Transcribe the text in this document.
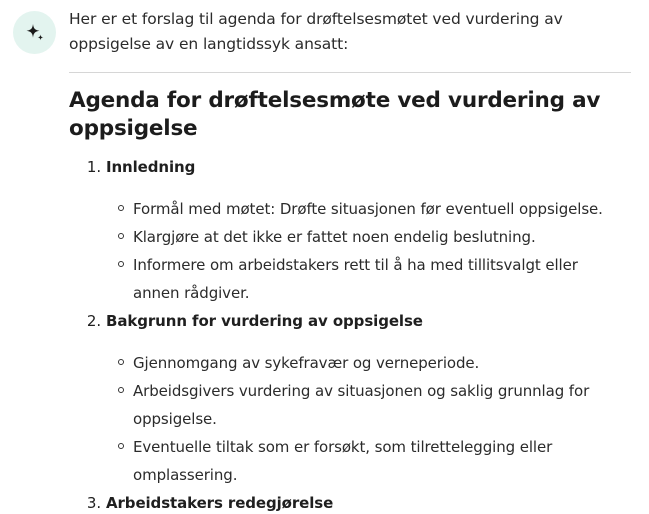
Her er et forslag til agenda for drøftelsesmøtet ved vurdering av oppsigelse av en langtidssyk ansatt:

Agenda for drøftelsesmøte ved vurdering av oppsigelse
1. Innledning
Formål med møtet: Drøfte situasjonen før eventuell oppsigelse.
Klargjøre at det ikke er fattet noen endelig beslutning.
Informere om arbeidstakers rett til å ha med tillitsvalgt eller annen rådgiver.
2. Bakgrunn for vurdering av oppsigelse
Gjennomgang av sykefravær og verneperiode.
Arbeidsgivers vurdering av situasjonen og saklig grunnlag for oppsigelse.
Eventuelle tiltak som er forsøkt, som tilrettelegging eller omplassering.
3. Arbeidstakers redegjørelse
